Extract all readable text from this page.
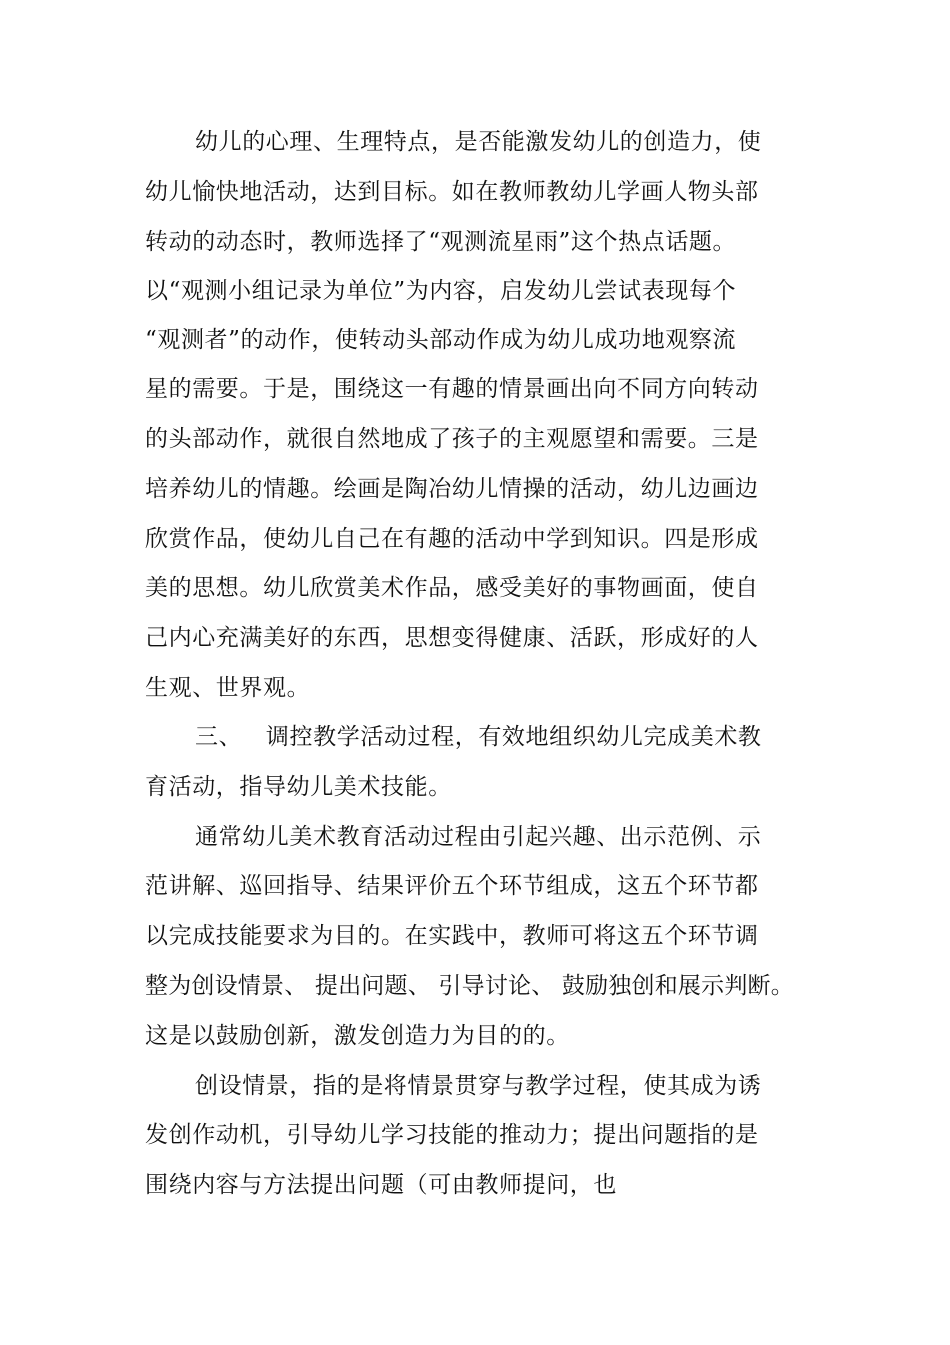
幼儿的心理、生理特点，是否能激发幼儿的创造力，使
幼儿愉快地活动，达到目标。如在教师教幼儿学画人物头部
转动的动态时，教师选择了“观测流星雨”这个热点话题。
以“观测小组记录为单位”为内容，启发幼儿尝试表现每个
“观测者”的动作，使转动头部动作成为幼儿成功地观察流
星的需要。于是，围绕这一有趣的情景画出向不同方向转动
的头部动作，就很自然地成了孩子的主观愿望和需要。三是
培养幼儿的情趣。绘画是陶冶幼儿情操的活动，幼儿边画边
欣赏作品，使幼儿自己在有趣的活动中学到知识。四是形成
美的思想。幼儿欣赏美术作品，感受美好的事物画面，使自
己内心充满美好的东西，思想变得健康、活跃，形成好的人
生观、世界观。
三、   调控教学活动过程，有效地组织幼儿完成美术教
育活动，指导幼儿美术技能。
通常幼儿美术教育活动过程由引起兴趣、出示范例、示
范讲解、巡回指导、结果评价五个环节组成，这五个环节都
以完成技能要求为目的。在实践中，教师可将这五个环节调
整为创设情景、 提出问题、 引导讨论、 鼓励独创和展示判断。
这是以鼓励创新，激发创造力为目的的。
创设情景，指的是将情景贯穿与教学过程，使其成为诱
发创作动机，引导幼儿学习技能的推动力；提出问题指的是
围绕内容与方法提出问题（可由教师提问，也
